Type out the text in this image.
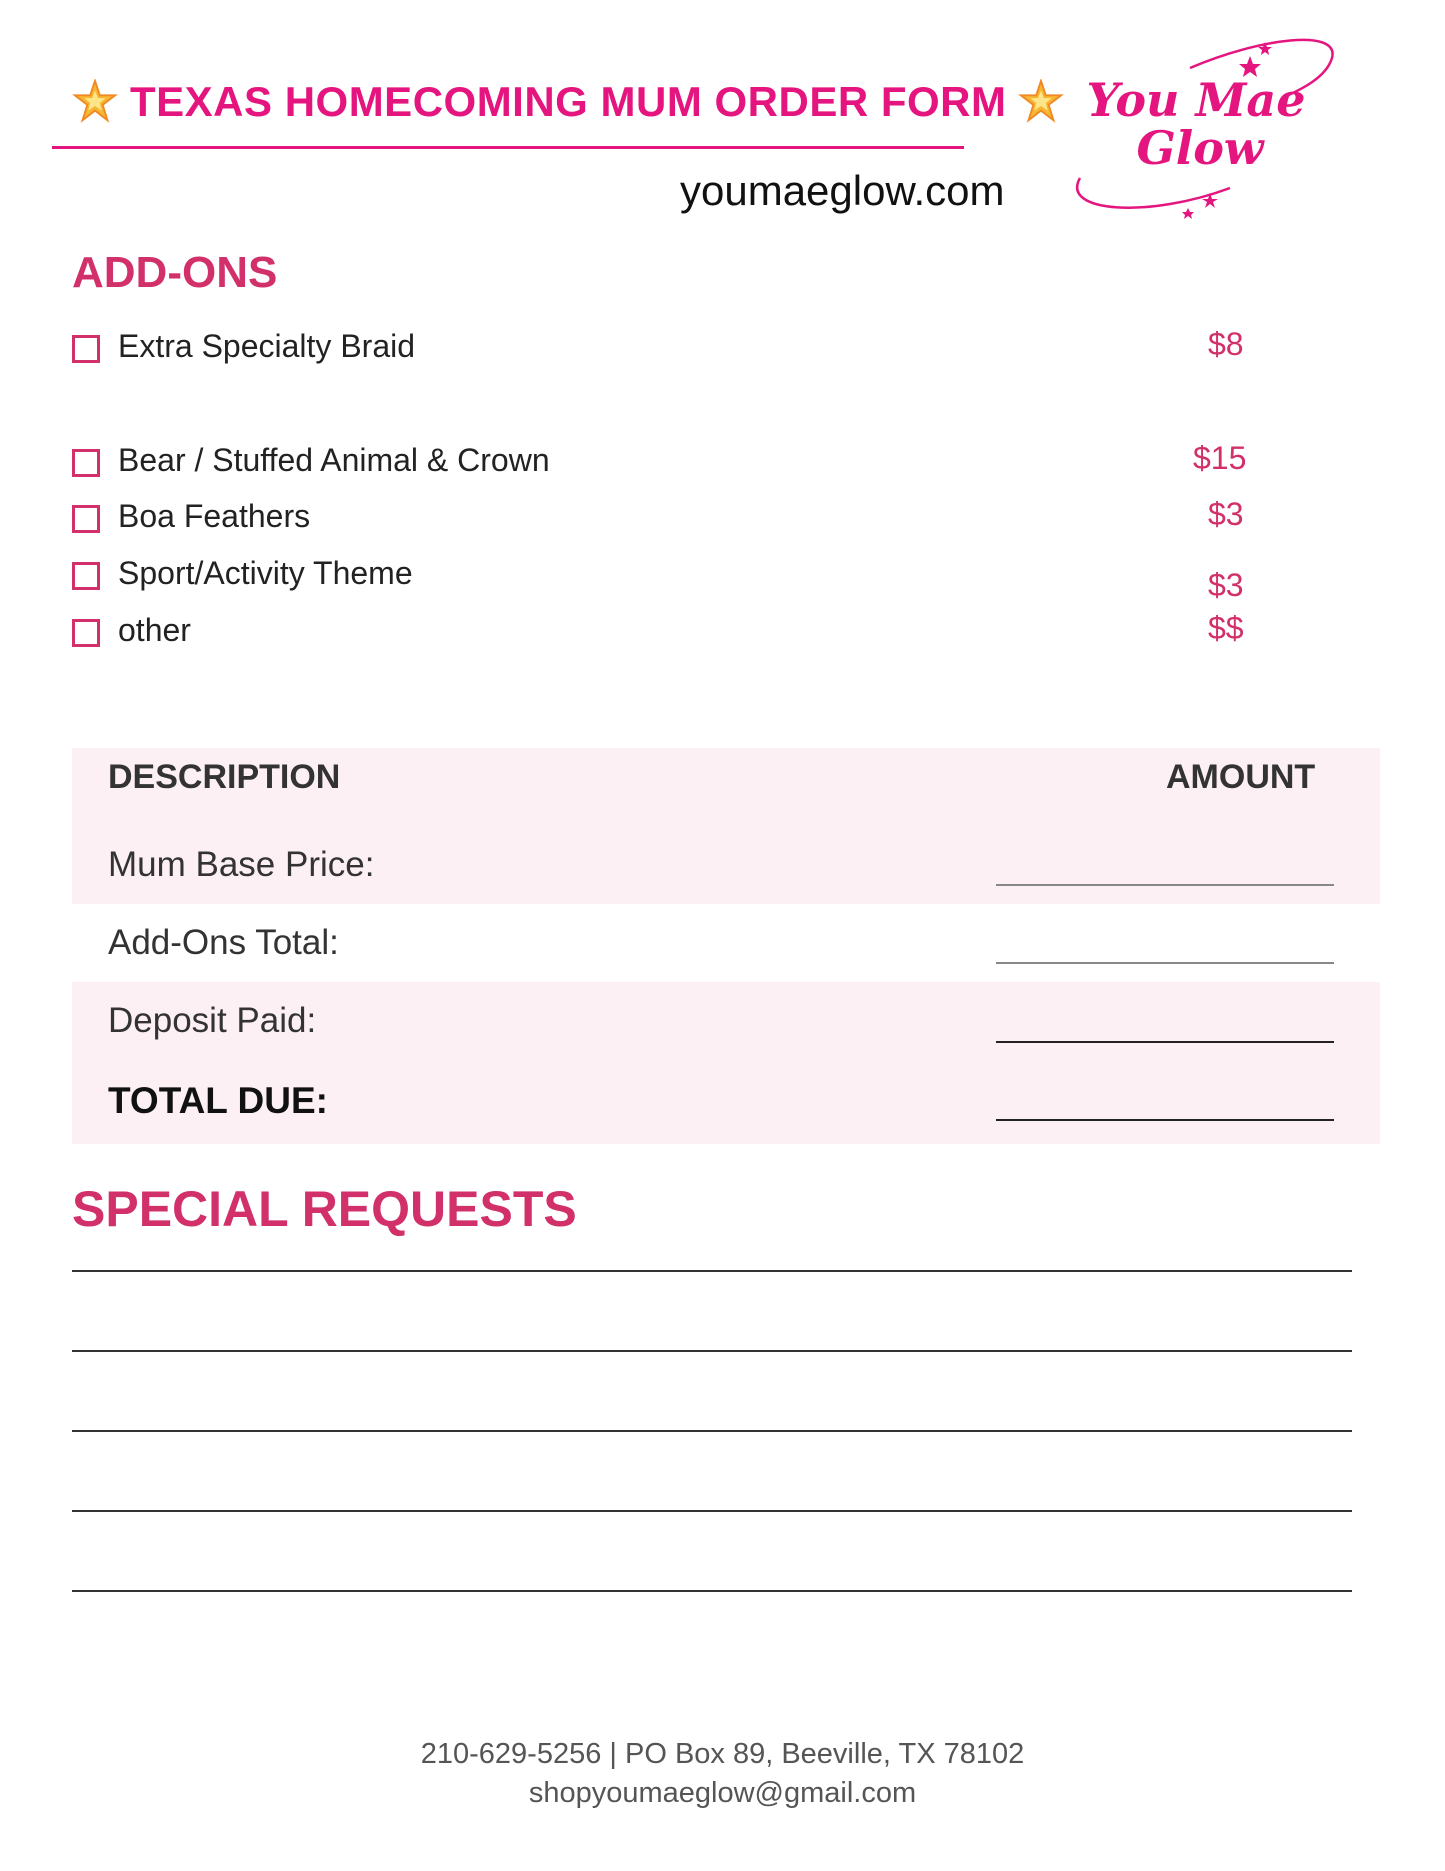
TEXAS HOMECOMING MUM ORDER FORM
youmaeglow.com
You Mae
Glow
ADD-ONS
Extra Specialty Braid	$8
Bear / Stuffed Animal & Crown	$15
Boa Feathers	$3
Sport/Activity Theme	$3
other	$$
DESCRIPTION	AMOUNT
Mum Base Price:
Add-Ons Total:
Deposit Paid:
TOTAL DUE:
SPECIAL REQUESTS
210-629-5256 | PO Box 89, Beeville, TX 78102
shopyoumaeglow@gmail.com
